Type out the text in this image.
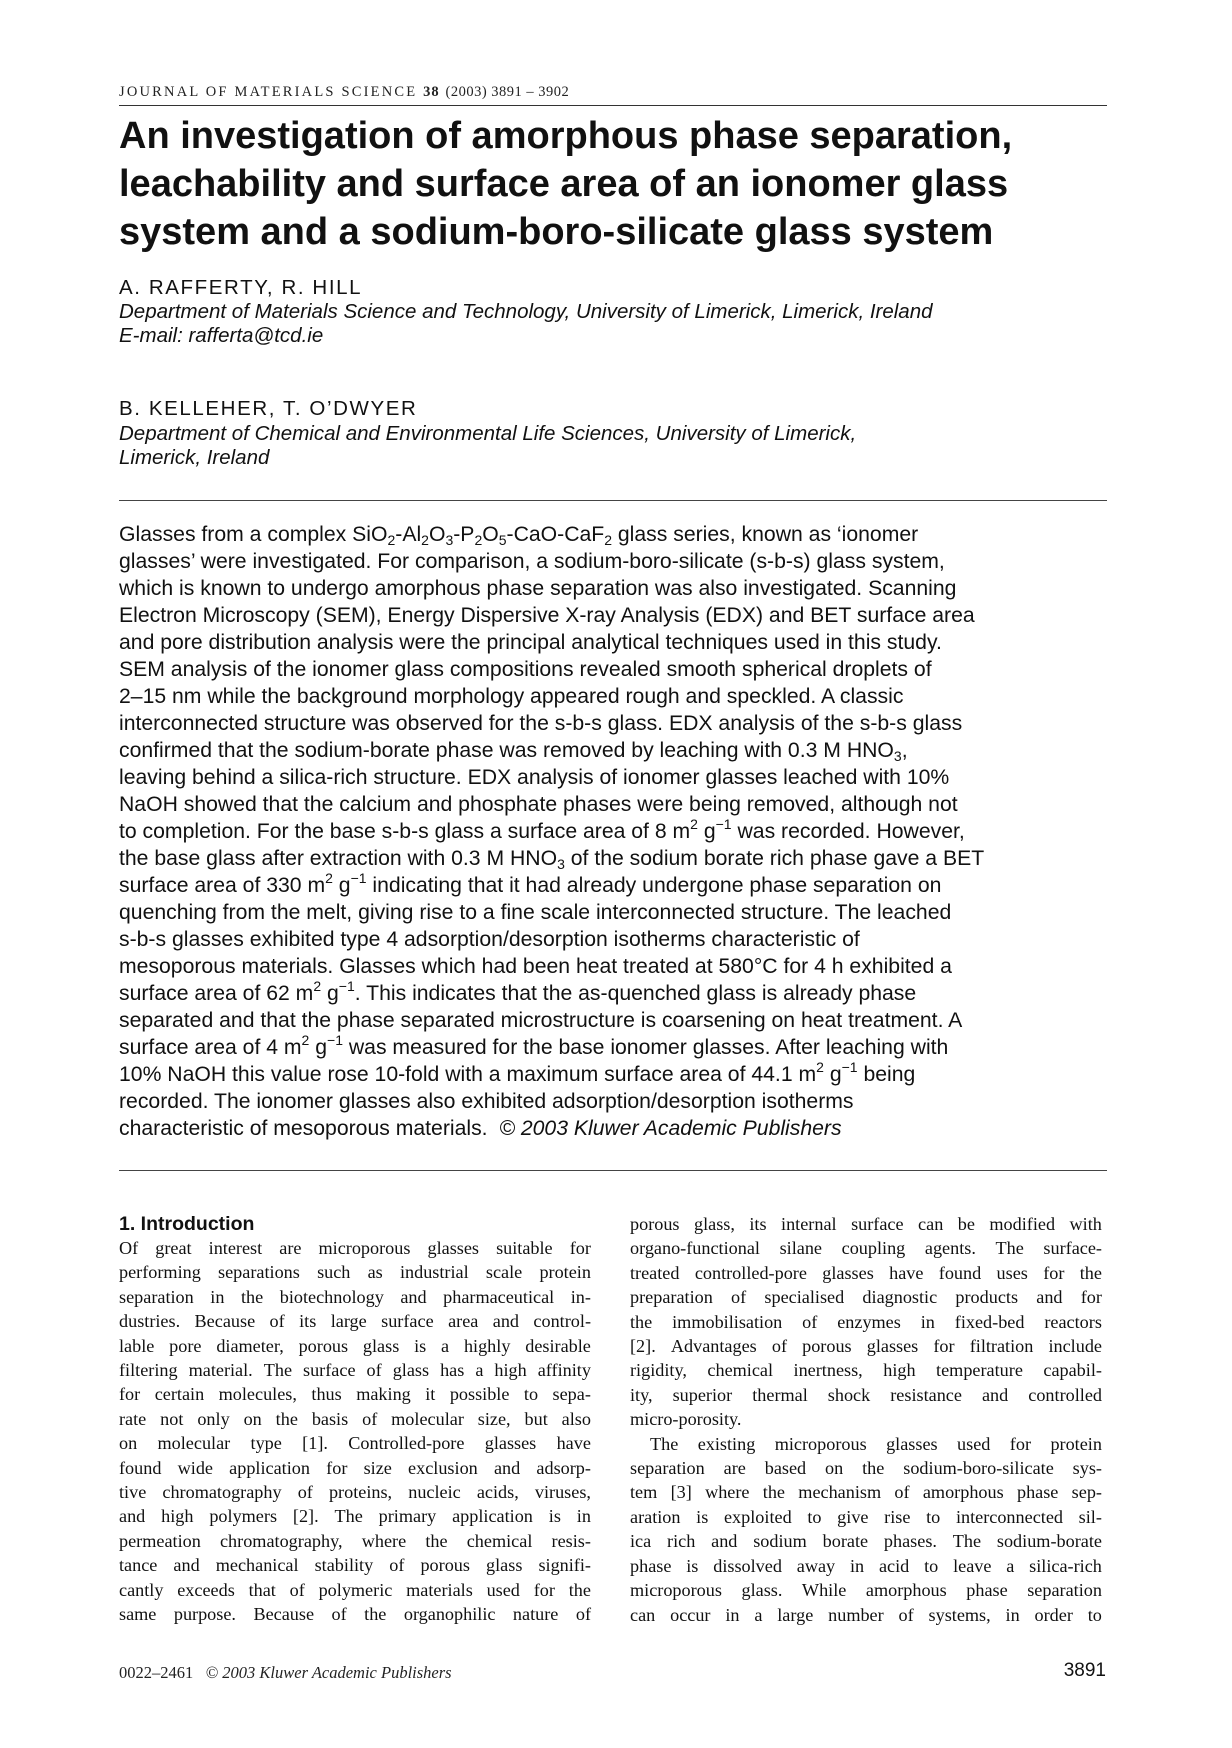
JOURNAL OF MATERIALS SCIENCE 38 (2003) 3891 – 3902
An investigation of amorphous phase separation,
leachability and surface area of an ionomer glass
system and a sodium-boro-silicate glass system
A. RAFFERTY, R. HILL
Department of Materials Science and Technology, University of Limerick, Limerick, Ireland
E-mail: rafferta@tcd.ie
B. KELLEHER, T. O’DWYER
Department of Chemical and Environmental Life Sciences, University of Limerick,
Limerick, Ireland
Glasses from a complex $SiO_2-Al_2O_3-P_2O_5-CaO-CaF_2$ glass series, known as ‘ionomer
glasses’ were investigated. For comparison, a sodium-boro-silicate (s-b-s) glass system,
which is known to undergo amorphous phase separation was also investigated. Scanning
Electron Microscopy (SEM), Energy Dispersive X-ray Analysis (EDX) and BET surface area
and pore distribution analysis were the principal analytical techniques used in this study.
SEM analysis of the ionomer glass compositions revealed smooth spherical droplets of
2–15 nm while the background morphology appeared rough and speckled. A classic
interconnected structure was observed for the s-b-s glass. EDX analysis of the s-b-s glass
confirmed that the sodium-borate phase was removed by leaching with 0.3 M $HNO_3$,
leaving behind a silica-rich structure. EDX analysis of ionomer glasses leached with 10%
NaOH showed that the calcium and phosphate phases were being removed, although not
to completion. For the base s-b-s glass a surface area of 8 $m^2$ $g^{-1}$ was recorded. However,
the base glass after extraction with 0.3 M $HNO_3$ of the sodium borate rich phase gave a BET
surface area of 330 $m^2$ $g^{-1}$ indicating that it had already undergone phase separation on
quenching from the melt, giving rise to a fine scale interconnected structure. The leached
s-b-s glasses exhibited type 4 adsorption/desorption isotherms characteristic of
mesoporous materials. Glasses which had been heat treated at 580°C for 4 h exhibited a
surface area of 62 $m^2$ $g^{-1}$. This indicates that the as-quenched glass is already phase
separated and that the phase separated microstructure is coarsening on heat treatment. A
surface area of 4 $m^2$ $g^{-1}$ was measured for the base ionomer glasses. After leaching with
10% NaOH this value rose 10-fold with a maximum surface area of 44.1 $m^2$ $g^{-1}$ being
recorded. The ionomer glasses also exhibited adsorption/desorption isotherms
characteristic of mesoporous materials. © 2003 Kluwer Academic Publishers
1. Introduction
Of great interest are microporous glasses suitable for
performing separations such as industrial scale protein
separation in the biotechnology and pharmaceutical in-
dustries. Because of its large surface area and control-
lable pore diameter, porous glass is a highly desirable
filtering material. The surface of glass has a high affinity
for certain molecules, thus making it possible to sepa-
rate not only on the basis of molecular size, but also
on molecular type [1]. Controlled-pore glasses have
found wide application for size exclusion and adsorp-
tive chromatography of proteins, nucleic acids, viruses,
and high polymers [2]. The primary application is in
permeation chromatography, where the chemical resis-
tance and mechanical stability of porous glass signifi-
cantly exceeds that of polymeric materials used for the
same purpose. Because of the organophilic nature of
porous glass, its internal surface can be modified with
organo-functional silane coupling agents. The surface-
treated controlled-pore glasses have found uses for the
preparation of specialised diagnostic products and for
the immobilisation of enzymes in fixed-bed reactors
[2]. Advantages of porous glasses for filtration include
rigidity, chemical inertness, high temperature capabil-
ity, superior thermal shock resistance and controlled
micro-porosity.
The existing microporous glasses used for protein
separation are based on the sodium-boro-silicate sys-
tem [3] where the mechanism of amorphous phase sep-
aration is exploited to give rise to interconnected sil-
ica rich and sodium borate phases. The sodium-borate
phase is dissolved away in acid to leave a silica-rich
microporous glass. While amorphous phase separation
can occur in a large number of systems, in order to
0022–2461 © 2003 Kluwer Academic Publishers	3891
